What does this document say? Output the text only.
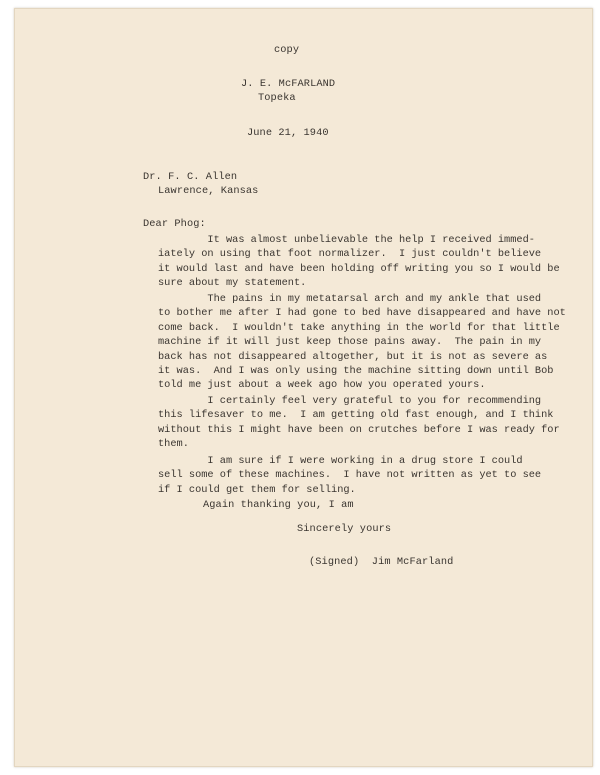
copy

J. E. McFARLAND

Topeka

June 21, 1940

Dr. F. C. Allen

Lawrence, Kansas

Dear Phog:

It was almost unbelievable the help I received immed-
iately on using that foot normalizer.  I just couldn't believe
it would last and have been holding off writing you so I would be
sure about my statement.
The pains in my metatarsal arch and my ankle that used
to bother me after I had gone to bed have disappeared and have not
come back.  I wouldn't take anything in the world for that little
machine if it will just keep those pains away.  The pain in my
back has not disappeared altogether, but it is not as severe as
it was.  And I was only using the machine sitting down until Bob
told me just about a week ago how you operated yours.
I certainly feel very grateful to you for recommending
this lifesaver to me.  I am getting old fast enough, and I think
without this I might have been on crutches before I was ready for
them.
I am sure if I were working in a drug store I could
sell some of these machines.  I have not written as yet to see
if I could get them for selling.

Again thanking you, I am

Sincerely yours

(Signed)  Jim McFarland
